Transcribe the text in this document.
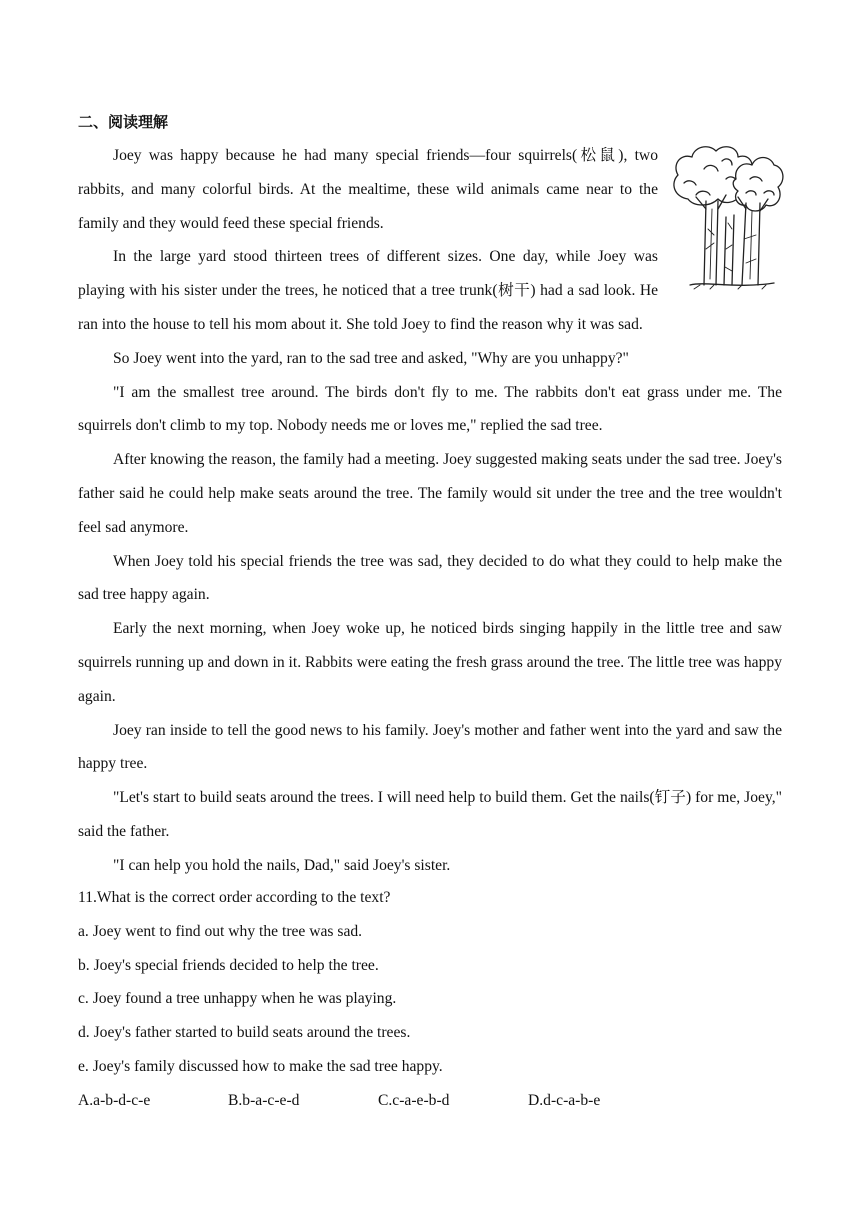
二、阅读理解

Joey was happy because he had many special friends—four squirrels(松鼠), two rabbits, and many colorful birds. At the mealtime, these wild animals came near to the family and they would feed these special friends.

In the large yard stood thirteen trees of different sizes. One day, while Joey was playing with his sister under the trees, he noticed that a tree trunk(树干) had a sad look. He ran into the house to tell his mom about it. She told Joey to find the reason why it was sad.

So Joey went into the yard, ran to the sad tree and asked, "Why are you unhappy?"

"I am the smallest tree around. The birds don't fly to me. The rabbits don't eat grass under me. The squirrels don't climb to my top. Nobody needs me or loves me," replied the sad tree.

After knowing the reason, the family had a meeting. Joey suggested making seats under the sad tree. Joey's father said he could help make seats around the tree. The family would sit under the tree and the tree wouldn't feel sad anymore.

When Joey told his special friends the tree was sad, they decided to do what they could to help make the sad tree happy again.

Early the next morning, when Joey woke up, he noticed birds singing happily in the little tree and saw squirrels running up and down in it. Rabbits were eating the fresh grass around the tree. The little tree was happy again.

Joey ran inside to tell the good news to his family. Joey's mother and father went into the yard and saw the happy tree.

"Let's start to build seats around the trees. I will need help to build them. Get the nails(钉子) for me, Joey," said the father.

"I can help you hold the nails, Dad," said Joey's sister.

11.What is the correct order according to the text?
a. Joey went to find out why the tree was sad.
b. Joey's special friends decided to help the tree.
c. Joey found a tree unhappy when he was playing.
d. Joey's father started to build seats around the trees.
e. Joey's family discussed how to make the sad tree happy.
A.a-b-d-c-e	B.b-a-c-e-d	C.c-a-e-b-d	D.d-c-a-b-e
